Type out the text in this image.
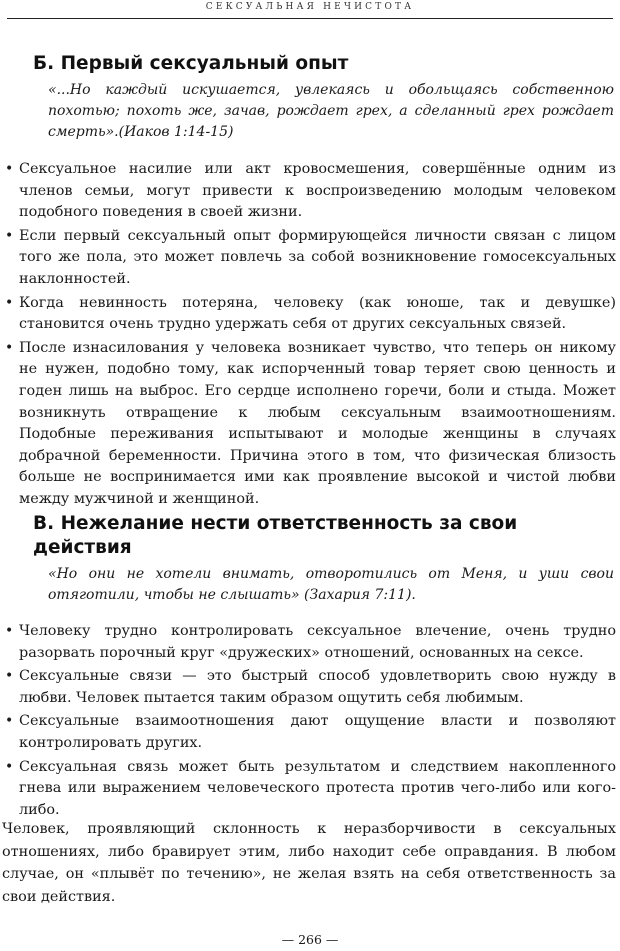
СЕКСУАЛЬНАЯ НЕЧИСТОТА
Б. Первый сексуальный опыт

«...Но каждый искушается, увлекаясь и обольщаясь собственною похотью; похоть же, зачав, рождает грех, а сделанный грех рождает смерть».(Иаков 1:14-15)

• Сексуальное насилие или акт кровосмешения, совершённые одним из членов семьи, могут привести к воспроизведению молодым человеком подобного поведения в своей жизни.
• Если первый сексуальный опыт формирующейся личности связан с лицом того же пола, это может повлечь за собой возникновение гомосексуальных наклонностей.
• Когда невинность потеряна, человеку (как юноше, так и девушке) становится очень трудно удержать себя от других сексуальных связей.
• После изнасилования у человека возникает чувство, что теперь он никому не нужен, подобно тому, как испорченный товар теряет свою ценность и годен лишь на выброс. Его сердце исполнено горечи, боли и стыда. Может возникнуть отвращение к любым сексуальным взаимоотношениям. Подобные переживания испытывают и молодые женщины в случаях добрачной беременности. Причина этого в том, что физическая близость больше не воспринимается ими как проявление высокой и чистой любви между мужчиной и женщиной.
В. Нежелание нести ответственность за свои действия

«Но они не хотели внимать, отворотились от Меня, и уши свои отяготили, чтобы не слышать» (Захария 7:11).

• Человеку трудно контролировать сексуальное влечение, очень трудно разорвать порочный круг «дружеских» отношений, основанных на сексе.
• Сексуальные связи — это быстрый способ удовлетворить свою нужду в любви. Человек пытается таким образом ощутить себя любимым.
• Сексуальные взаимоотношения дают ощущение власти и позволяют контролировать других.
• Сексуальная связь может быть результатом и следствием накопленного гнева или выражением человеческого протеста против чего-либо или кого-либо.

Человек, проявляющий склонность к неразборчивости в сексуальных отношениях, либо бравирует этим, либо находит себе оправдания. В любом случае, он «плывёт по течению», не желая взять на себя ответственность за свои действия.

— 266 —
